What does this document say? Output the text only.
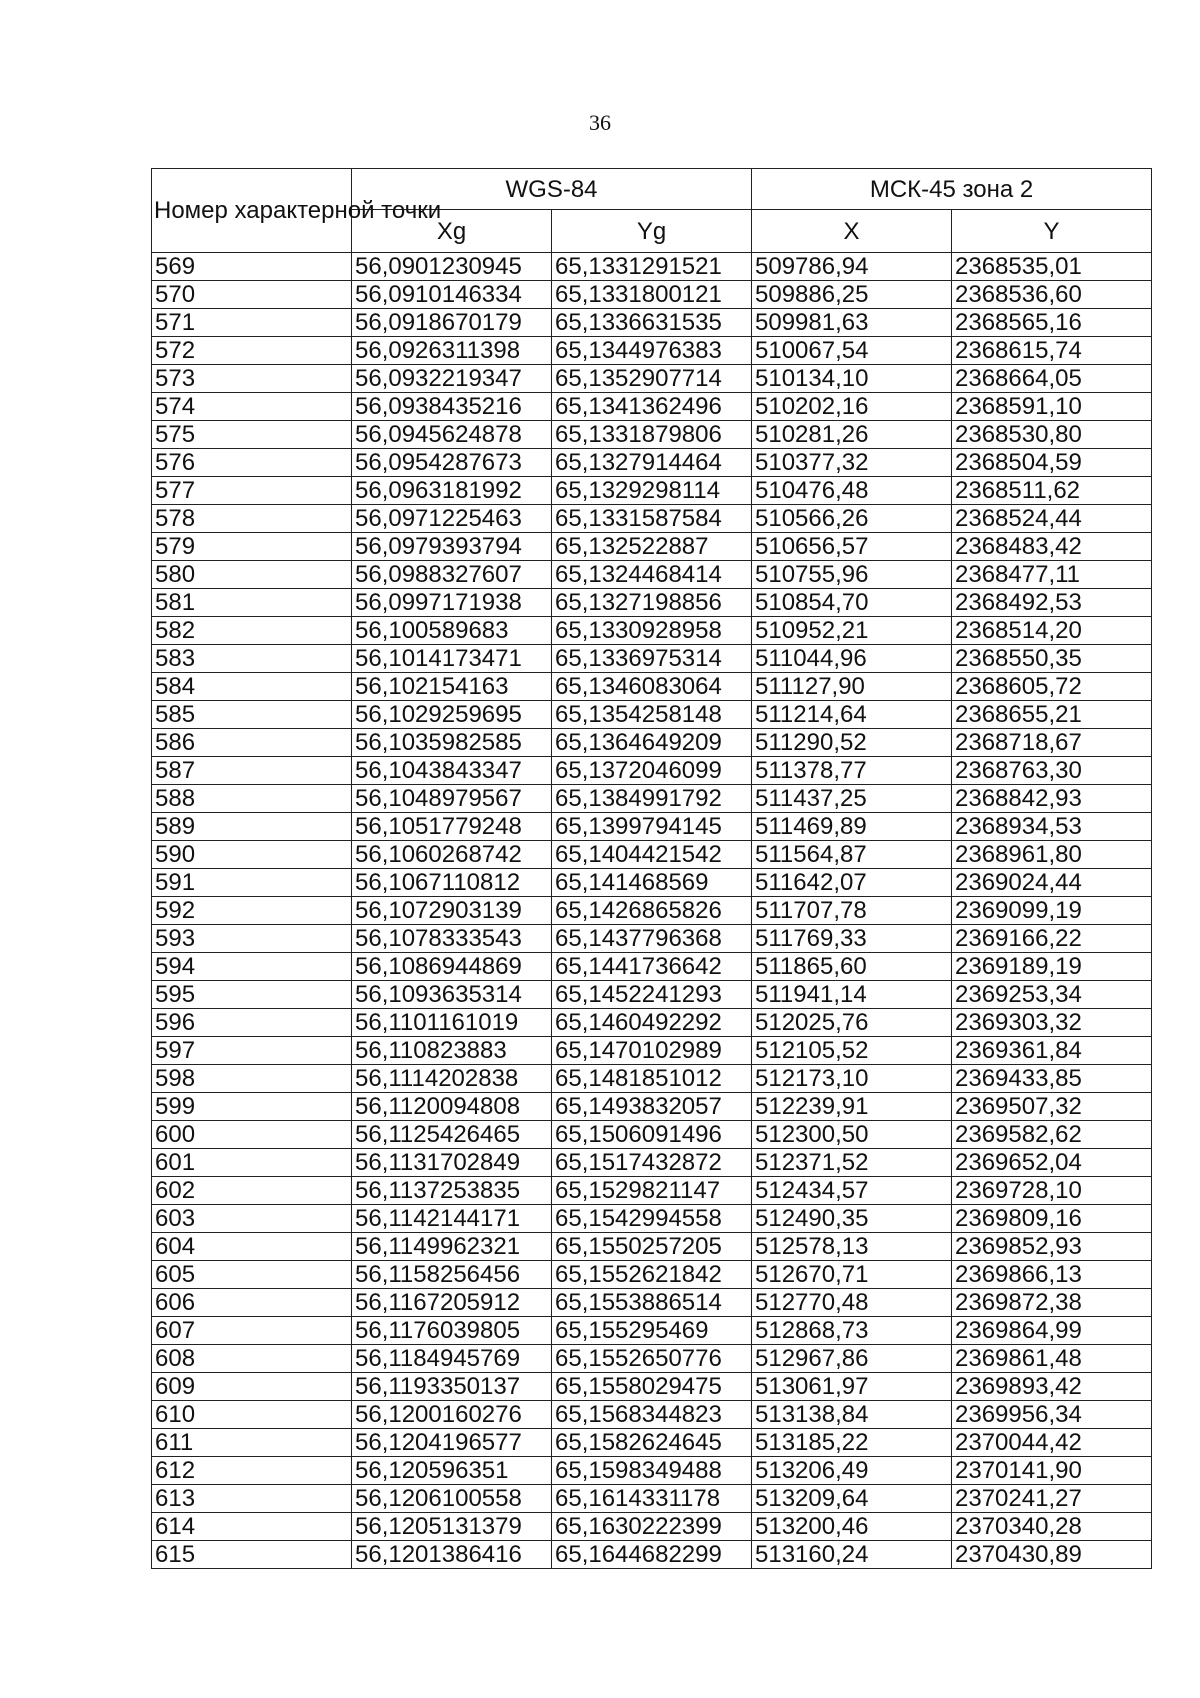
36
Номер характерной точки	WGS-84		МСК-45 зона 2	
	Xg	Yg	X	Y
569	56,0901230945	65,1331291521	509786,94	2368535,01
570	56,0910146334	65,1331800121	509886,25	2368536,60
571	56,0918670179	65,1336631535	509981,63	2368565,16
572	56,0926311398	65,1344976383	510067,54	2368615,74
573	56,0932219347	65,1352907714	510134,10	2368664,05
574	56,0938435216	65,1341362496	510202,16	2368591,10
575	56,0945624878	65,1331879806	510281,26	2368530,80
576	56,0954287673	65,1327914464	510377,32	2368504,59
577	56,0963181992	65,1329298114	510476,48	2368511,62
578	56,0971225463	65,1331587584	510566,26	2368524,44
579	56,0979393794	65,132522887	510656,57	2368483,42
580	56,0988327607	65,1324468414	510755,96	2368477,11
581	56,0997171938	65,1327198856	510854,70	2368492,53
582	56,100589683	65,1330928958	510952,21	2368514,20
583	56,1014173471	65,1336975314	511044,96	2368550,35
584	56,102154163	65,1346083064	511127,90	2368605,72
585	56,1029259695	65,1354258148	511214,64	2368655,21
586	56,1035982585	65,1364649209	511290,52	2368718,67
587	56,1043843347	65,1372046099	511378,77	2368763,30
588	56,1048979567	65,1384991792	511437,25	2368842,93
589	56,1051779248	65,1399794145	511469,89	2368934,53
590	56,1060268742	65,1404421542	511564,87	2368961,80
591	56,1067110812	65,141468569	511642,07	2369024,44
592	56,1072903139	65,1426865826	511707,78	2369099,19
593	56,1078333543	65,1437796368	511769,33	2369166,22
594	56,1086944869	65,1441736642	511865,60	2369189,19
595	56,1093635314	65,1452241293	511941,14	2369253,34
596	56,1101161019	65,1460492292	512025,76	2369303,32
597	56,110823883	65,1470102989	512105,52	2369361,84
598	56,1114202838	65,1481851012	512173,10	2369433,85
599	56,1120094808	65,1493832057	512239,91	2369507,32
600	56,1125426465	65,1506091496	512300,50	2369582,62
601	56,1131702849	65,1517432872	512371,52	2369652,04
602	56,1137253835	65,1529821147	512434,57	2369728,10
603	56,1142144171	65,1542994558	512490,35	2369809,16
604	56,1149962321	65,1550257205	512578,13	2369852,93
605	56,1158256456	65,1552621842	512670,71	2369866,13
606	56,1167205912	65,1553886514	512770,48	2369872,38
607	56,1176039805	65,155295469	512868,73	2369864,99
608	56,1184945769	65,1552650776	512967,86	2369861,48
609	56,1193350137	65,1558029475	513061,97	2369893,42
610	56,1200160276	65,1568344823	513138,84	2369956,34
611	56,1204196577	65,1582624645	513185,22	2370044,42
612	56,120596351	65,1598349488	513206,49	2370141,90
613	56,1206100558	65,1614331178	513209,64	2370241,27
614	56,1205131379	65,1630222399	513200,46	2370340,28
615	56,1201386416	65,1644682299	513160,24	2370430,89
